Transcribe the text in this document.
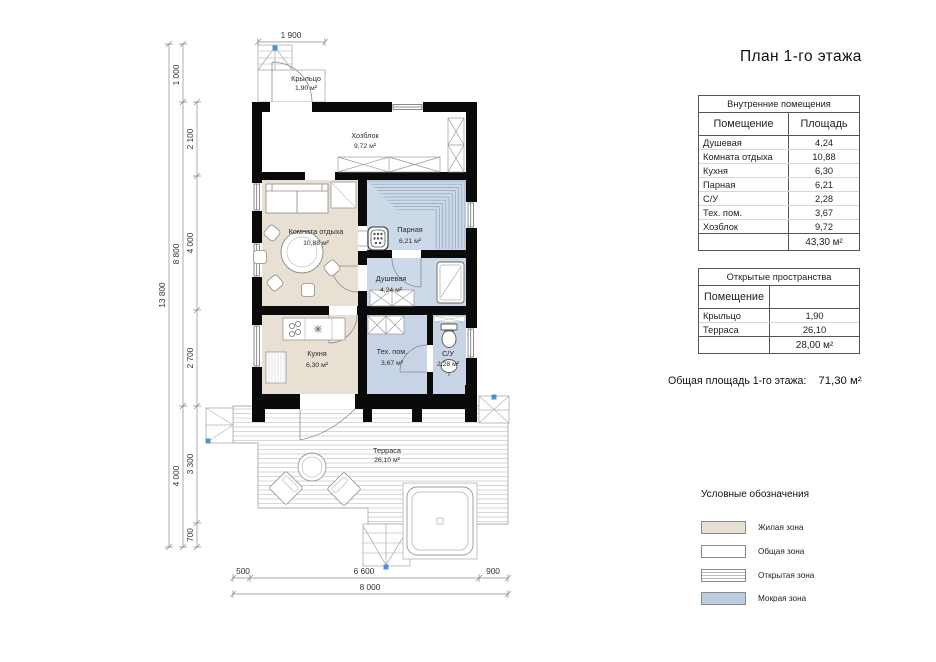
Терраса
26,10 м²
Крыльцо
1,90 м²
Хозблок
9,72 м²
Комната отдыха
10,88 м²
Парная
6,21 м²
Душевая
4,24 м²
Кухня
6,30 м²
Тех. пом.
3,67 м²
С/У
2,28 м²
1 900
13 800
1 000
8 800
4 000
2 100
4 000
2 700
3 300
700
500	6 600	900
8 000
План 1-го этажа
Внутренние помещения
Помещение	Площадь
Душевая	4,24
Комната отдыха	10,88
Кухня	6,30
Парная	6,21
С/У	2,28
Тех. пом.	3,67
Хозблок	9,72
43,30 м²
Открытые пространства
Помещение
Крыльцо	1,90
Терраса	26,10
28,00 м²
Общая площадь 1-го этажа: 71,30 м²
Условные обозначения
Жилая зона
Общая зона
Открытая зона
Мокрая зона
